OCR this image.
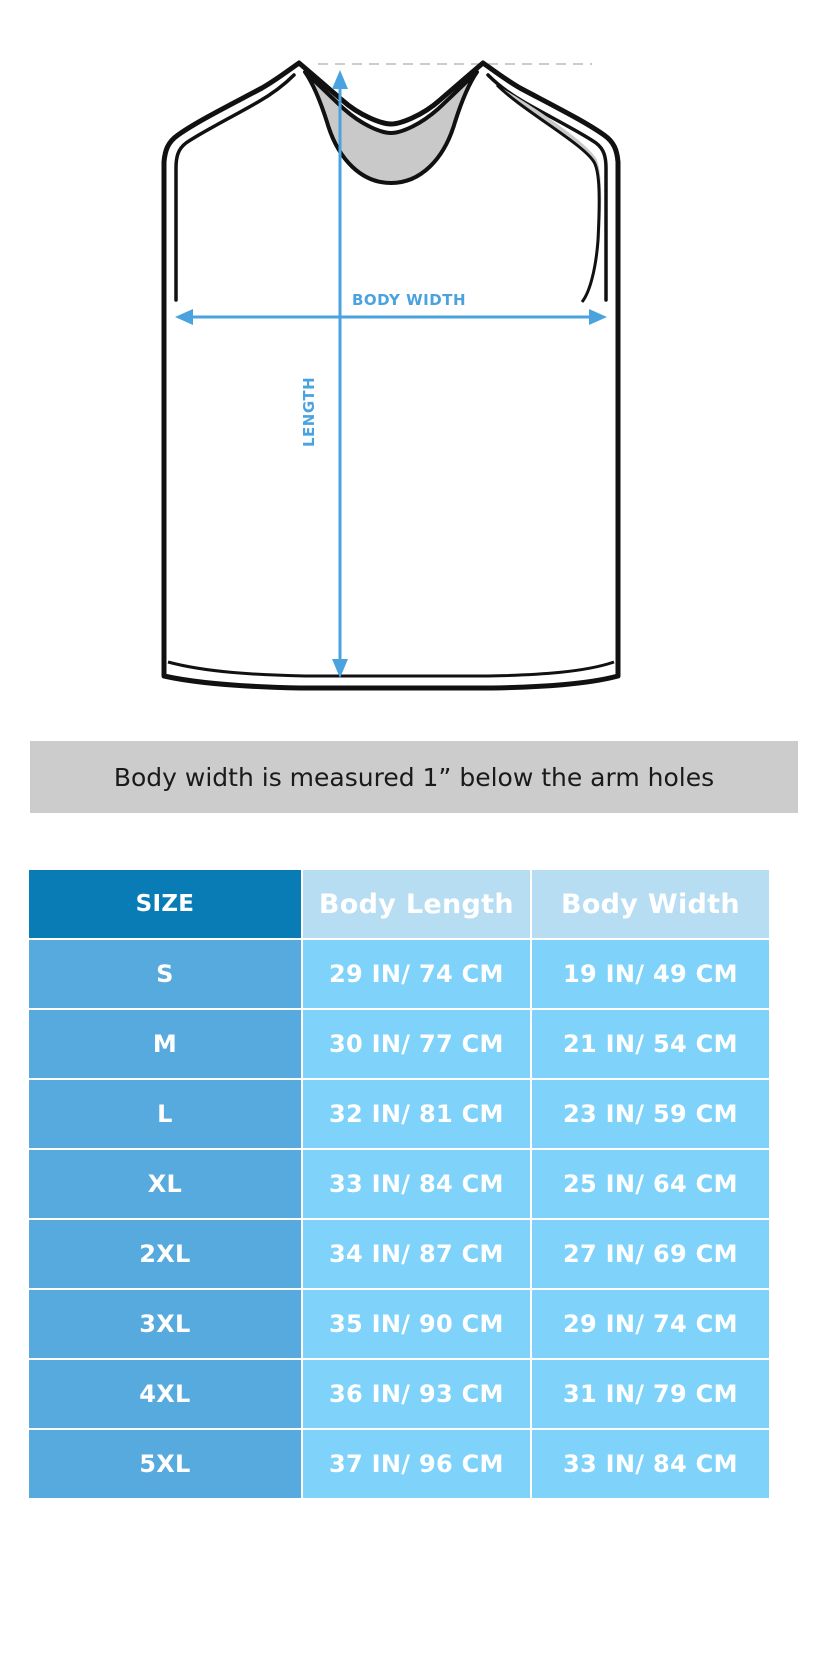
BODY WIDTH
LENGTH
Body width is measured 1” below the arm holes
SIZE	Body Length	Body Width
S	29 IN/ 74 CM	19 IN/ 49 CM
M	30 IN/ 77 CM	21 IN/ 54 CM
L	32 IN/ 81 CM	23 IN/ 59 CM
XL	33 IN/ 84 CM	25 IN/ 64 CM
2XL	34 IN/ 87 CM	27 IN/ 69 CM
3XL	35 IN/ 90 CM	29 IN/ 74 CM
4XL	36 IN/ 93 CM	31 IN/ 79 CM
5XL	37 IN/ 96 CM	33 IN/ 84 CM
